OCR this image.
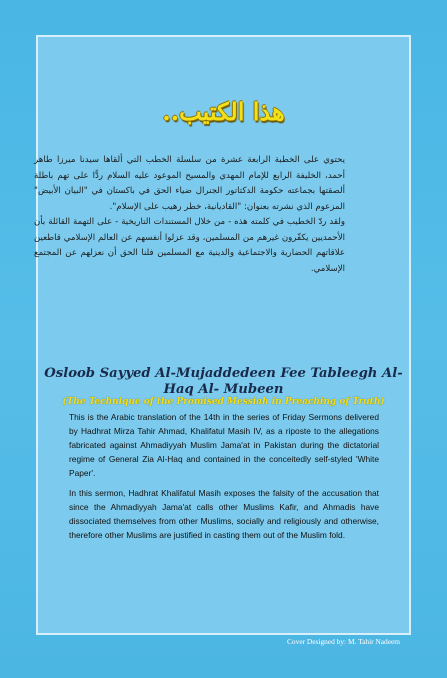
هذا الكتيب..

يحتوي على الخطبة الرابعة عشرة من سلسلة الخطب التي ألقاها سيدنا ميرزا طاهر أحمد، الخليفة الرابع للإمام المهدي والمسيح الموعود عليه السلام ردًّا على تهم باطلة ألصقتها بجماعته حكومة الدكتاتور الجنرال ضياء الحق في باكستان في "البيان الأبيض" المزعوم الذي نشرته بعنوان: "القاديانية، خطر رهيب على الإسلام".

ولقد ردّ الخطيب في كلمته هذه - من خلال المستندات التاريخية - على التهمة القائلة بأن الأحمديين يكفّرون غيرهم من المسلمين، وقد عزلوا أنفسهم عن العالم الإسلامي قاطعين علاقاتهم الحضارية والاجتماعية والدينية مع المسلمين فلنا الحق أن نعزلهم عن المجتمع الإسلامي.

Osloob Sayyed Al-Mujaddedeen Fee Tableegh Al-Haq Al- Mubeen
(The Technique of the Promised Messiah in Preaching of Truth)

This is the Arabic translation of the 14th in the series of Friday Sermons delivered by Hadhrat Mirza Tahir Ahmad, Khalifatul Masih IV, as a riposte to the allegations fabricated against Ahmadiyyah Muslim Jama'at in Pakistan during the dictatorial regime of General Zia Al-Haq and contained in the conceitedly self-styled 'White Paper'.

In this sermon, Hadhrat Khalifatul Masih exposes the falsity of the accusation that since the Ahmadiyyah Jama'at calls other Muslims Kafir, and Ahmadis have dissociated themselves from other Muslims, socially and religiously and otherwise, therefore other Muslims are justified in casting them out of the Muslim fold.

Cover Designed by: M. Tahir Nadeem
